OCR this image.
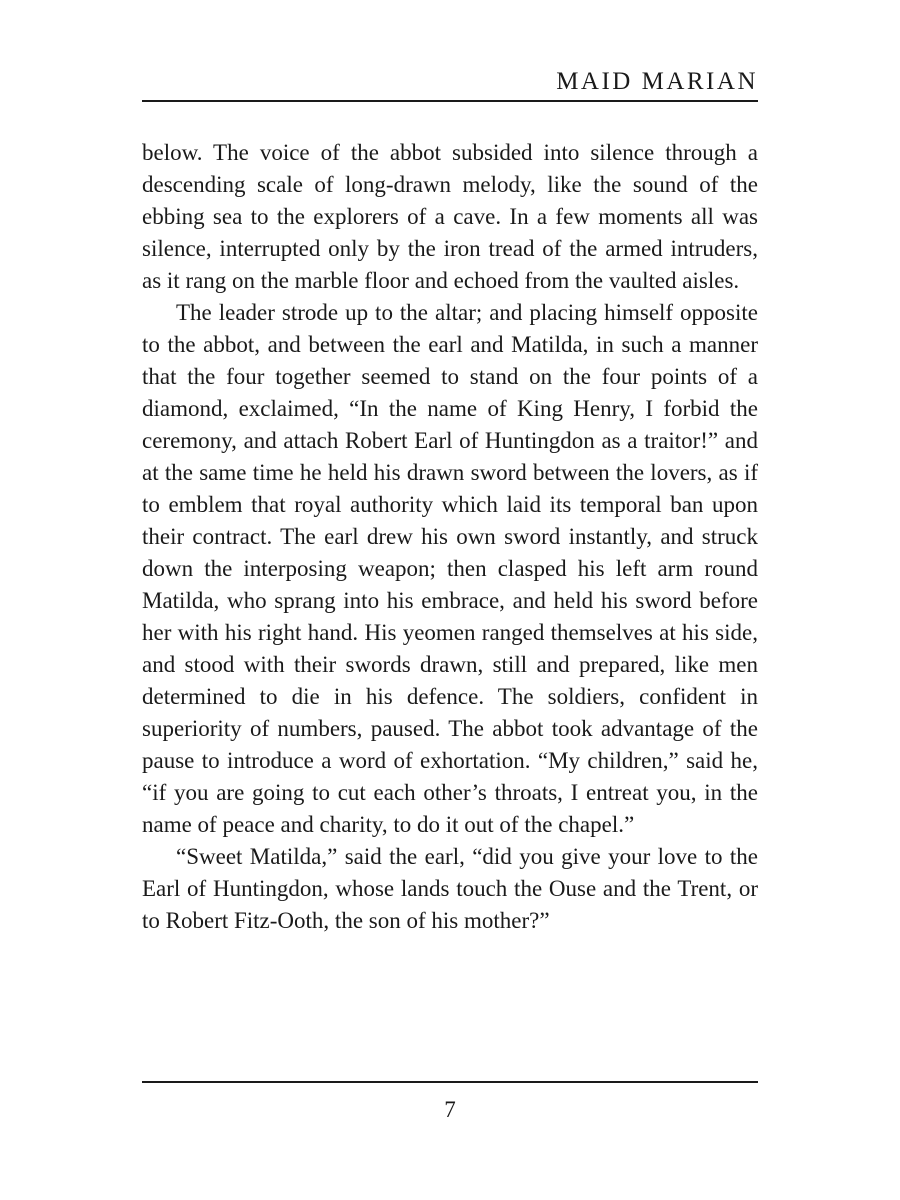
MAID MARIAN

below. The voice of the abbot subsided into silence through a descending scale of long-drawn melody, like the sound of the ebbing sea to the explorers of a cave. In a few moments all was silence, interrupted only by the iron tread of the armed intruders, as it rang on the marble floor and echoed from the vaulted aisles.

The leader strode up to the altar; and placing himself opposite to the abbot, and between the earl and Matilda, in such a manner that the four together seemed to stand on the four points of a diamond, exclaimed, “In the name of King Henry, I forbid the ceremony, and attach Robert Earl of Huntingdon as a traitor!” and at the same time he held his drawn sword between the lovers, as if to emblem that royal authority which laid its temporal ban upon their contract. The earl drew his own sword instantly, and struck down the interposing weapon; then clasped his left arm round Matilda, who sprang into his embrace, and held his sword before her with his right hand. His yeomen ranged themselves at his side, and stood with their swords drawn, still and prepared, like men determined to die in his defence. The soldiers, confident in superiority of numbers, paused. The abbot took advantage of the pause to introduce a word of exhortation. “My children,” said he, “if you are going to cut each other’s throats, I entreat you, in the name of peace and charity, to do it out of the chapel.”

“Sweet Matilda,” said the earl, “did you give your love to the Earl of Huntingdon, whose lands touch the Ouse and the Trent, or to Robert Fitz-Ooth, the son of his mother?”

7
